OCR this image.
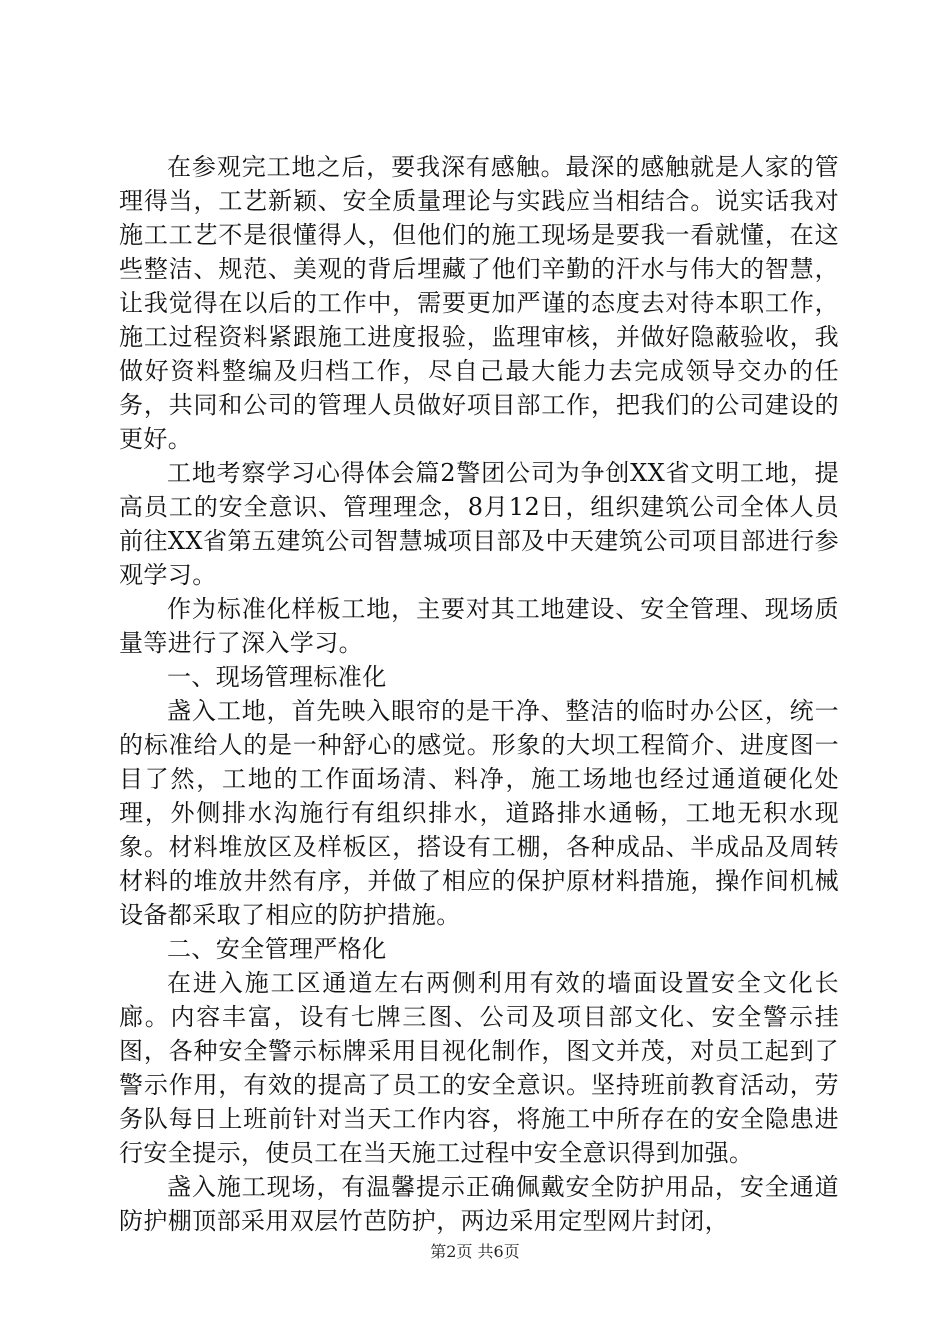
在参观完工地之后，要我深有感触。最深的感触就是人家的管理得当，工艺新颖、安全质量理论与实践应当相结合。说实话我对施工工艺不是很懂得人，但他们的施工现场是要我一看就懂，在这些整洁、规范、美观的背后埋藏了他们辛勤的汗水与伟大的智慧，让我觉得在以后的工作中，需要更加严谨的态度去对待本职工作，施工过程资料紧跟施工进度报验，监理审核，并做好隐蔽验收，我做好资料整编及归档工作，尽自己最大能力去完成领导交办的任务，共同和公司的管理人员做好项目部工作，把我们的公司建设的更好。

工地考察学习心得体会篇2警团公司为争创XX省文明工地，提高员工的安全意识、管理理念，8月12日，组织建筑公司全体人员前往XX省第五建筑公司智慧城项目部及中天建筑公司项目部进行参观学习。

作为标准化样板工地，主要对其工地建设、安全管理、现场质量等进行了深入学习。

一、现场管理标准化

盏入工地，首先映入眼帘的是干净、整洁的临时办公区，统一的标准给人的是一种舒心的感觉。形象的大坝工程简介、进度图一目了然，工地的工作面场清、料净，施工场地也经过通道硬化处理，外侧排水沟施行有组织排水，道路排水通畅，工地无积水现象。材料堆放区及样板区，搭设有工棚，各种成品、半成品及周转材料的堆放井然有序，并做了相应的保护原材料措施，操作间机械设备都采取了相应的防护措施。

二、安全管理严格化

在进入施工区通道左右两侧利用有效的墙面设置安全文化长廊。内容丰富，设有七牌三图、公司及项目部文化、安全警示挂图，各种安全警示标牌采用目视化制作，图文并茂，对员工起到了警示作用，有效的提高了员工的安全意识。坚持班前教育活动，劳务队每日上班前针对当天工作内容，将施工中所存在的安全隐患进行安全提示，使员工在当天施工过程中安全意识得到加强。

盏入施工现场，有温馨提示正确佩戴安全防护用品，安全通道防护棚顶部采用双层竹芭防护，两边采用定型网片封闭，

第2页 共6页
